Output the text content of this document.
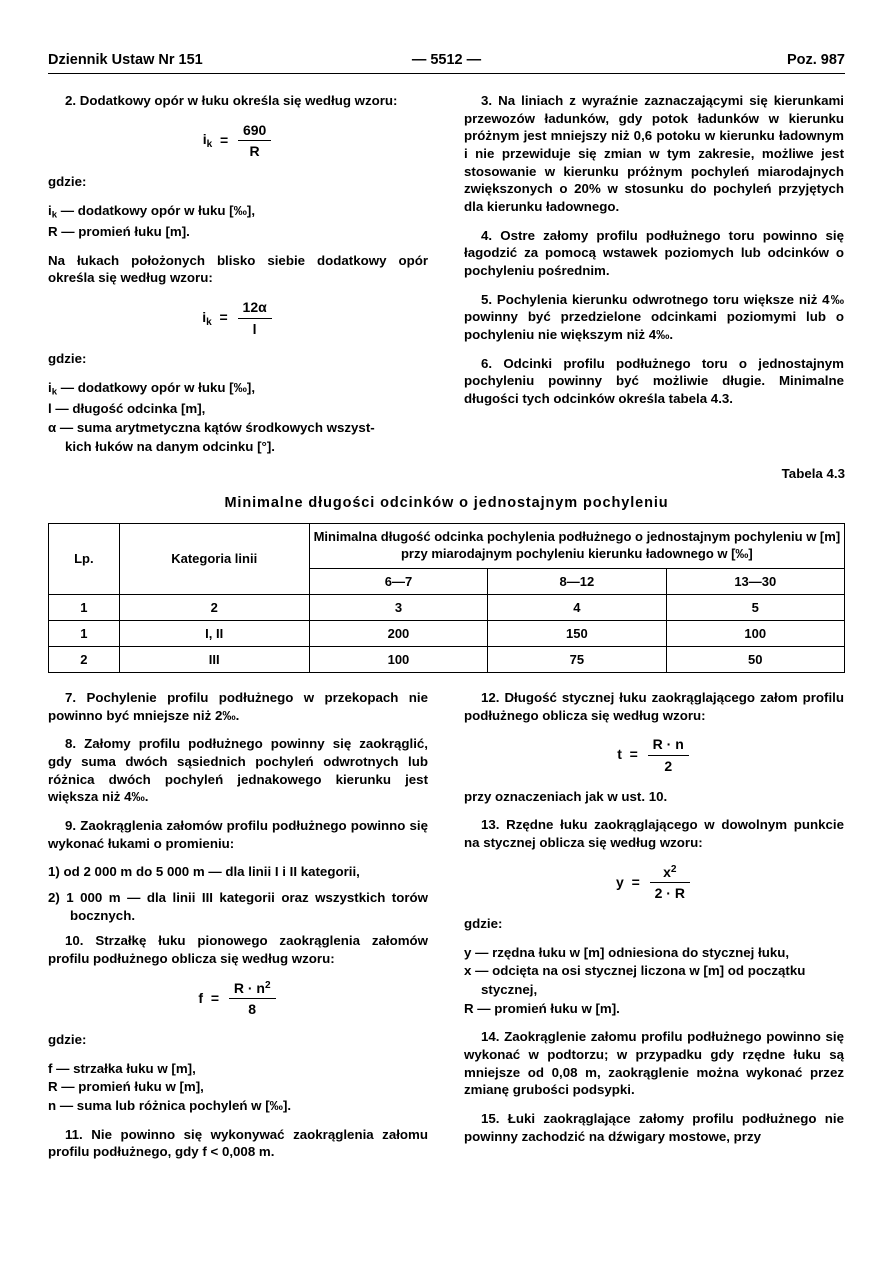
Dziennik Ustaw Nr 151	— 5512 —	Poz. 987

2. Dodatkowy opór w łuku określa się według wzoru:

$i_k = \frac{690}{R}$

gdzie:

$i_k$ — dodatkowy opór w łuku [‰],

R — promień łuku [m].

Na łukach położonych blisko siebie dodatkowy opór określa się według wzoru:

$i_k = \frac{12\alpha}{l}$

gdzie:

$i_k$ — dodatkowy opór w łuku [‰],

l — długość odcinka [m],

α — suma arytmetyczna kątów środkowych wszyst-

kich łuków na danym odcinku [°].

3. Na liniach z wyraźnie zaznaczającymi się kierunkami przewozów ładunków, gdy potok ładunków w kierunku próżnym jest mniejszy niż 0,6 potoku w kierunku ładownym i nie przewiduje się zmian w tym zakresie, możliwe jest stosowanie w kierunku próżnym pochyleń miarodajnych zwiększonych o 20% w stosunku do pochyleń przyjętych dla kierunku ładownego.

4. Ostre załomy profilu podłużnego toru powinno się łagodzić za pomocą wstawek poziomych lub odcinków o pochyleniu pośrednim.

5. Pochylenia kierunku odwrotnego toru większe niż 4‰ powinny być przedzielone odcinkami poziomymi lub o pochyleniu nie większym niż 4‰.

6. Odcinki profilu podłużnego toru o jednostajnym pochyleniu powinny być możliwie długie. Minimalne długości tych odcinków określa tabela 4.3.

Tabela 4.3
Minimalne długości odcinków o jednostajnym pochyleniu
Lp.	Kategoria linii	Minimalna długość odcinka pochylenia podłużnego o jednostajnym pochyleniu w [m] przy miarodajnym pochyleniu kierunku ładownego w [‰]		
		6—7	8—12	13—30
1	2	3	4	5
1	I, II	200	150	100
2	III	100	75	50

7. Pochylenie profilu podłużnego w przekopach nie powinno być mniejsze niż 2‰.

8. Załomy profilu podłużnego powinny się zaokrąglić, gdy suma dwóch sąsiednich pochyleń odwrotnych lub różnica dwóch pochyleń jednakowego kierunku jest większa niż 4‰.

9. Zaokrąglenia załomów profilu podłużnego powinno się wykonać łukami o promieniu:

1) od 2 000 m do 5 000 m — dla linii I i II kategorii,

2) 1 000 m — dla linii III kategorii oraz wszystkich torów bocznych.

10. Strzałkę łuku pionowego zaokrąglenia załomów profilu podłużnego oblicza się według wzoru:

$f = \frac{R \cdot n^2}{8}$

gdzie:

f — strzałka łuku w [m],

R — promień łuku w [m],

n — suma lub różnica pochyleń w [‰].

11. Nie powinno się wykonywać zaokrąglenia załomu profilu podłużnego, gdy f < 0,008 m.

12. Długość stycznej łuku zaokrąglającego załom profilu podłużnego oblicza się według wzoru:

$t = \frac{R \cdot n}{2}$

przy oznaczeniach jak w ust. 10.

13. Rzędne łuku zaokrąglającego w dowolnym punkcie na stycznej oblicza się według wzoru:

$y = \frac{x^2}{2 \cdot R}$

gdzie:

y — rzędna łuku w [m] odniesiona do stycznej łuku,

x — odcięta na osi stycznej liczona w [m] od początku

stycznej,

R — promień łuku w [m].

14. Zaokrąglenie załomu profilu podłużnego powinno się wykonać w podtorzu; w przypadku gdy rzędne łuku są mniejsze od 0,08 m, zaokrąglenie można wykonać przez zmianę grubości podsypki.

15. Łuki zaokrąglające załomy profilu podłużnego nie powinny zachodzić na dźwigary mostowe, przy
